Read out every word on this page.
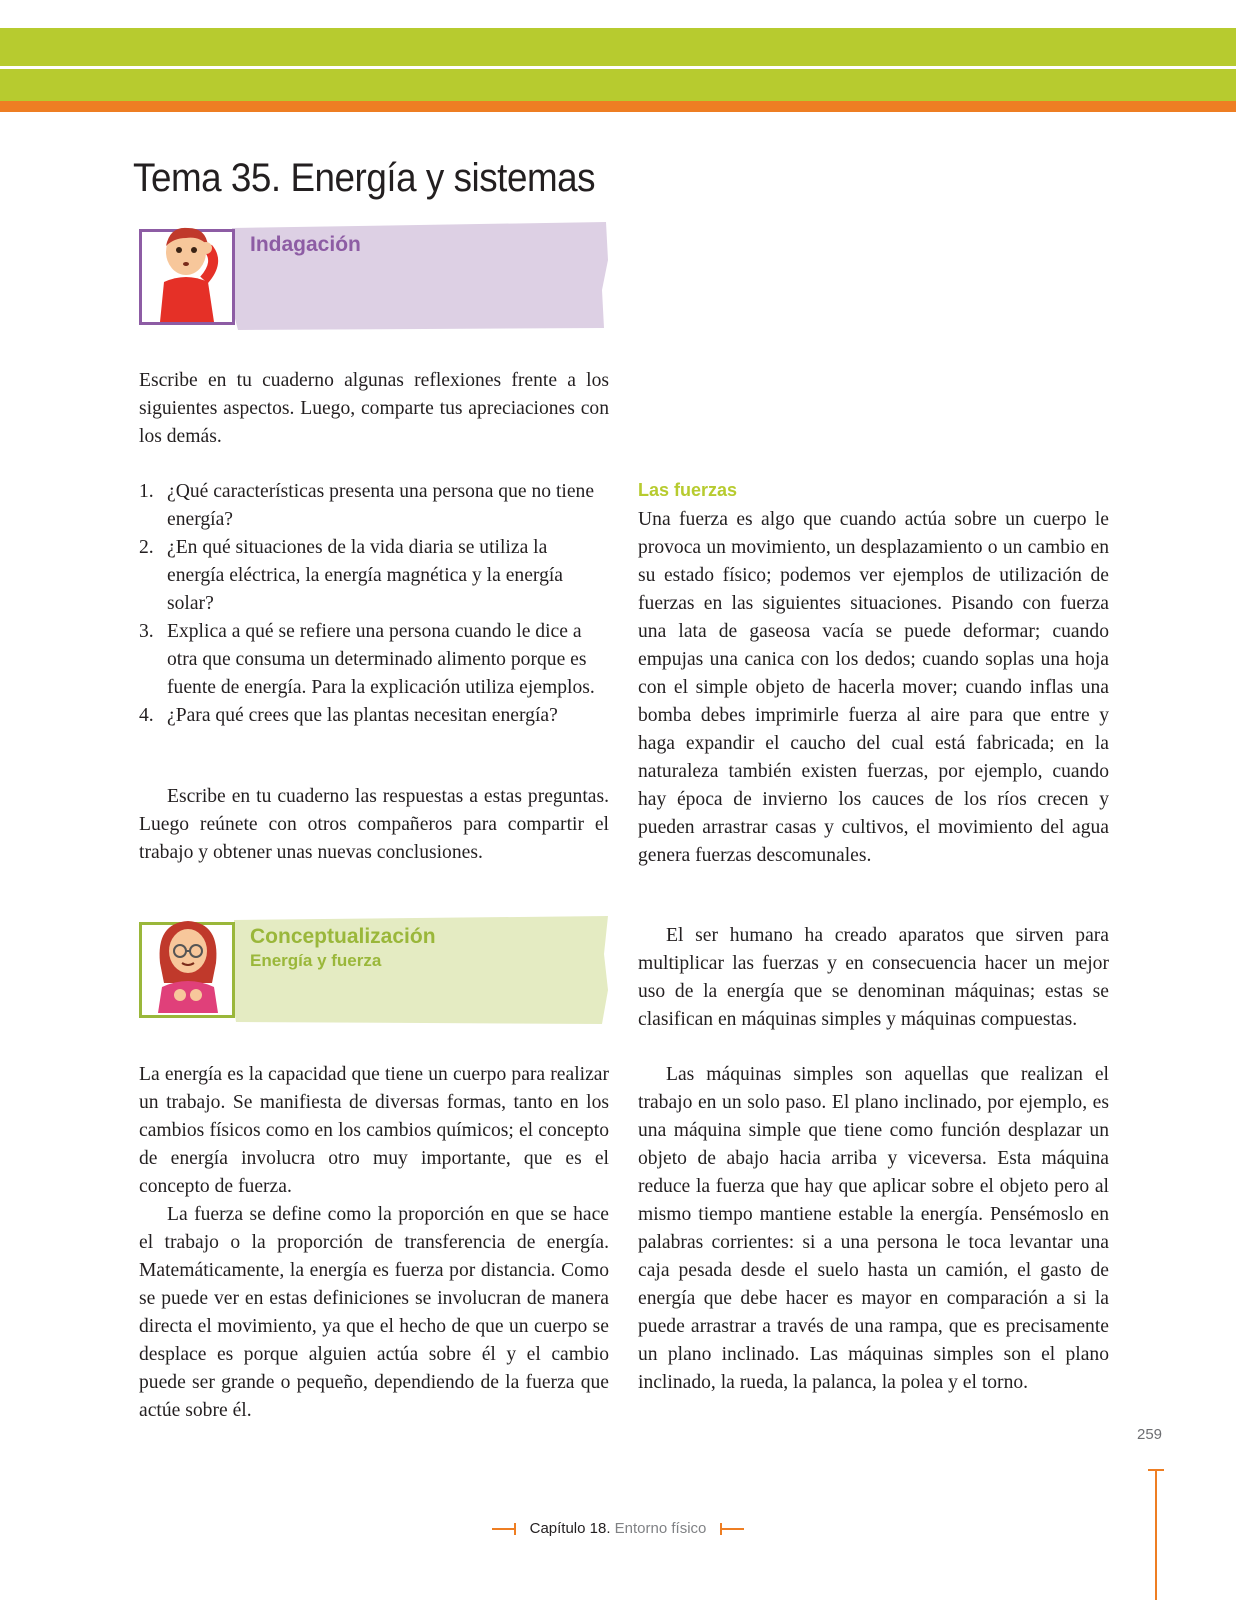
Tema 35. Energía y sistemas
Indagación

Escribe en tu cuaderno algunas reflexiones frente a los siguientes aspectos. Luego, comparte tus apreciaciones con los demás.

1. ¿Qué características presenta una persona que no tiene energía?
2. ¿En qué situaciones de la vida diaria se utiliza la energía eléctrica, la energía magnética y la energía solar?
3. Explica a qué se refiere una persona cuando le dice a otra que consuma un determinado alimento porque es fuente de energía. Para la explicación utiliza ejemplos.
4. ¿Para qué crees que las plantas necesitan energía?

Escribe en tu cuaderno las respuestas a estas preguntas. Luego reúnete con otros compañeros para compartir el trabajo y obtener unas nuevas conclusiones.

Conceptualización
Energía y fuerza

La energía es la capacidad que tiene un cuerpo para realizar un trabajo. Se manifiesta de diversas formas, tanto en los cambios físicos como en los cambios químicos; el concepto de energía involucra otro muy importante, que es el concepto de fuerza.

La fuerza se define como la proporción en que se hace el trabajo o la proporción de transferencia de energía. Matemáticamente, la energía es fuerza por distancia. Como se puede ver en estas definiciones se involucran de manera directa el movimiento, ya que el hecho de que un cuerpo se desplace es porque alguien actúa sobre él y el cambio puede ser grande o pequeño, dependiendo de la fuerza que actúe sobre él.

Las fuerzas

Una fuerza es algo que cuando actúa sobre un cuerpo le provoca un movimiento, un desplazamiento o un cambio en su estado físico; podemos ver ejemplos de utilización de fuerzas en las siguientes situaciones. Pisando con fuerza una lata de gaseosa vacía se puede deformar; cuando empujas una canica con los dedos; cuando soplas una hoja con el simple objeto de hacerla mover; cuando inflas una bomba debes imprimirle fuerza al aire para que entre y haga expandir el caucho del cual está fabricada; en la naturaleza también existen fuerzas, por ejemplo, cuando hay época de invierno los cauces de los ríos crecen y pueden arrastrar casas y cultivos, el movimiento del agua genera fuerzas descomunales.

El ser humano ha creado aparatos que sirven para multiplicar las fuerzas y en consecuencia hacer un mejor uso de la energía que se denominan máquinas; estas se clasifican en máquinas simples y máquinas compuestas.

Las máquinas simples son aquellas que realizan el trabajo en un solo paso. El plano inclinado, por ejemplo, es una máquina simple que tiene como función desplazar un objeto de abajo hacia arriba y viceversa. Esta máquina reduce la fuerza que hay que aplicar sobre el objeto pero al mismo tiempo mantiene estable la energía. Pensémoslo en palabras corrientes: si a una persona le toca levantar una caja pesada desde el suelo hasta un camión, el gasto de energía que debe hacer es mayor en comparación a si la puede arrastrar a través de una rampa, que es precisamente un plano inclinado. Las máquinas simples son el plano inclinado, la rueda, la palanca, la polea y el torno.

259
Capítulo 18. Entorno físico
